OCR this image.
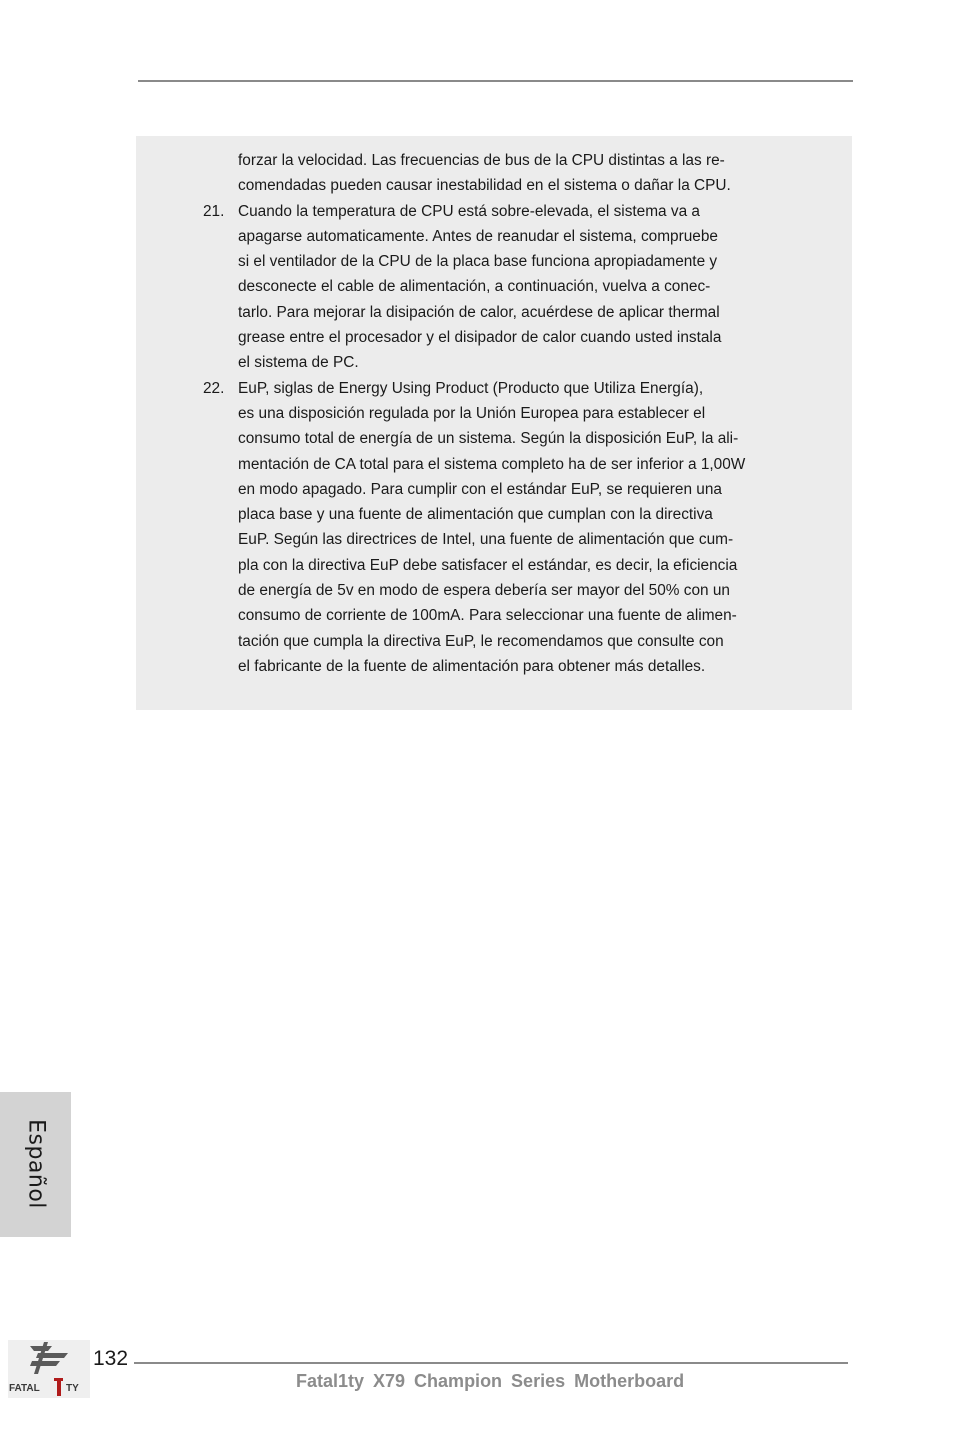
forzar la velocidad. Las frecuencias de bus de la CPU distintas a las re-
comendadas pueden causar inestabilidad en el sistema o dañar la CPU.
21. Cuando la temperatura de CPU está sobre-elevada, el sistema va a
apagarse automaticamente. Antes de reanudar el sistema, compruebe
si el ventilador de la CPU de la placa base funciona apropiadamente y
desconecte el cable de alimentación, a continuación, vuelva a conec-
tarlo. Para mejorar la disipación de calor, acuérdese de aplicar thermal
grease entre el procesador y el disipador de calor cuando usted instala
el sistema de PC.
22. EuP, siglas de Energy Using Product (Producto que Utiliza Energía),
es una disposición regulada por la Unión Europea para establecer el
consumo total de energía de un sistema. Según la disposición EuP, la ali-
mentación de CA total para el sistema completo ha de ser inferior a 1,00W
en modo apagado. Para cumplir con el estándar EuP, se requieren una
placa base y una fuente de alimentación que cumplan con la directiva
EuP. Según las directrices de Intel, una fuente de alimentación que cum-
pla con la directiva EuP debe satisfacer el estándar, es decir, la eficiencia
de energía de 5v en modo de espera debería ser mayor del 50% con un
consumo de corriente de 100mA. Para seleccionar una fuente de alimen-
tación que cumpla la directiva EuP, le recomendamos que consulte con
el fabricante de la fuente de alimentación para obtener más detalles.
Español
FATAL	TY
132
Fatal1ty X79 Champion Series Motherboard
